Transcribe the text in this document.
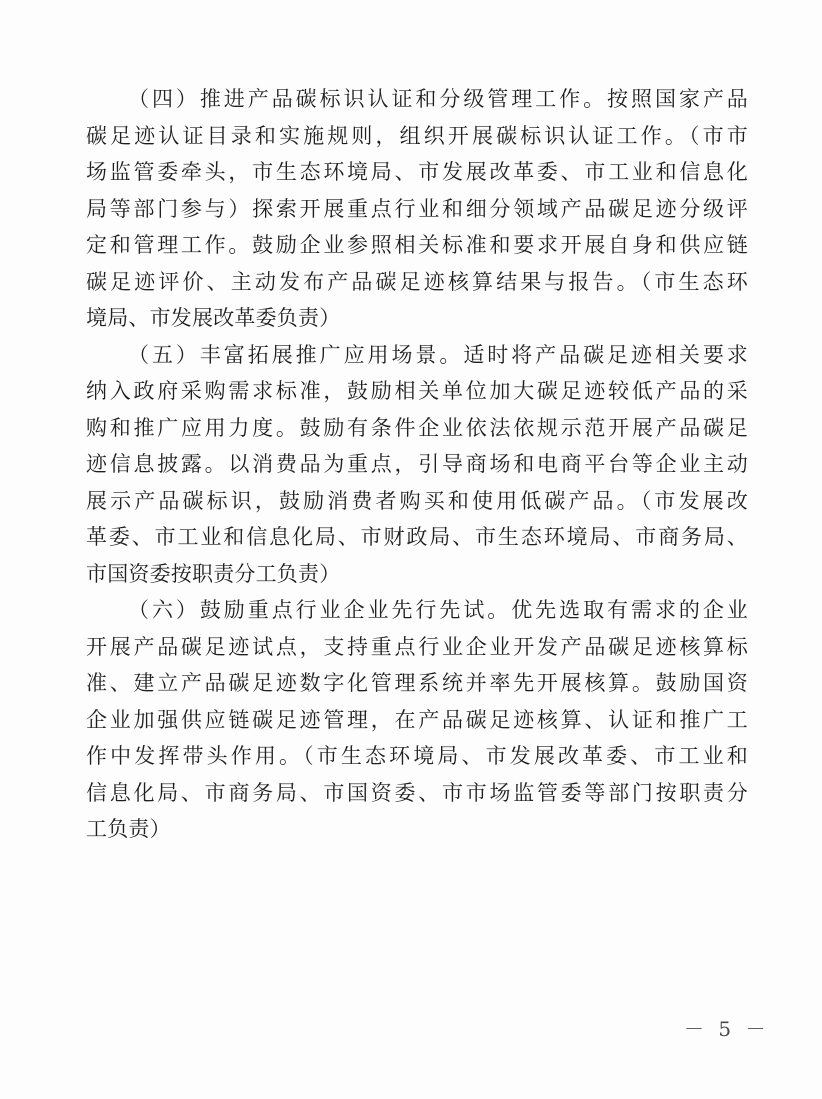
（四）推进产品碳标识认证和分级管理工作。按照国家产品
碳足迹认证目录和实施规则，组织开展碳标识认证工作。（市市
场监管委牵头，市生态环境局、市发展改革委、市工业和信息化
局等部门参与）探索开展重点行业和细分领域产品碳足迹分级评
定和管理工作。鼓励企业参照相关标准和要求开展自身和供应链
碳足迹评价、主动发布产品碳足迹核算结果与报告。（市生态环
境局、市发展改革委负责）
（五）丰富拓展推广应用场景。适时将产品碳足迹相关要求
纳入政府采购需求标准，鼓励相关单位加大碳足迹较低产品的采
购和推广应用力度。鼓励有条件企业依法依规示范开展产品碳足
迹信息披露。以消费品为重点，引导商场和电商平台等企业主动
展示产品碳标识，鼓励消费者购买和使用低碳产品。（市发展改
革委、市工业和信息化局、市财政局、市生态环境局、市商务局、
市国资委按职责分工负责）
（六）鼓励重点行业企业先行先试。优先选取有需求的企业
开展产品碳足迹试点，支持重点行业企业开发产品碳足迹核算标
准、建立产品碳足迹数字化管理系统并率先开展核算。鼓励国资
企业加强供应链碳足迹管理，在产品碳足迹核算、认证和推广工
作中发挥带头作用。（市生态环境局、市发展改革委、市工业和
信息化局、市商务局、市国资委、市市场监管委等部门按职责分
工负责）
－ 5 －
